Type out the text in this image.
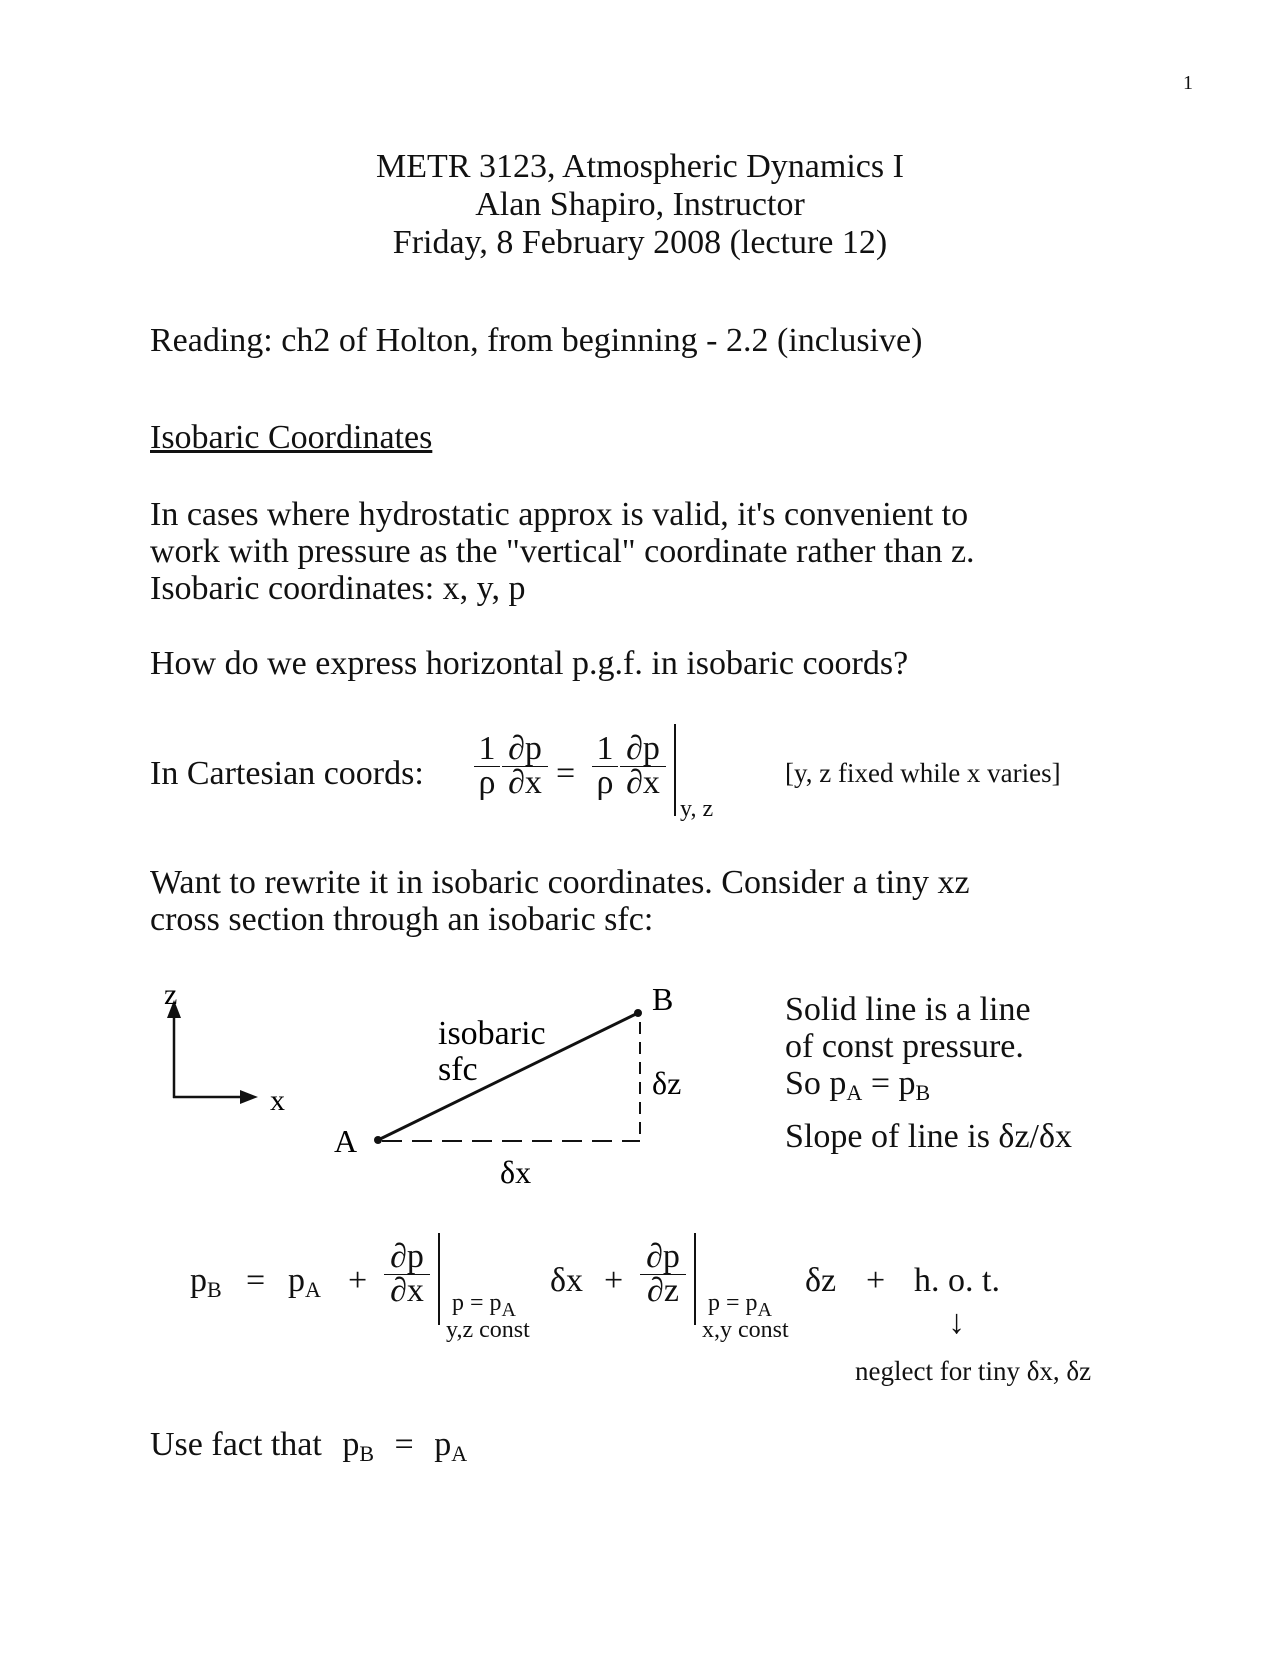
1
METR 3123, Atmospheric Dynamics I
Alan Shapiro, Instructor
Friday, 8 February 2008 (lecture 12)
Reading: ch2 of Holton, from beginning - 2.2 (inclusive)
Isobaric Coordinates
In cases where hydrostatic approx is valid, it's convenient to
work with pressure as the "vertical" coordinate rather than z.
Isobaric coordinates: x, y, p
How do we express horizontal p.g.f. in isobaric coords?
In Cartesian coords: $\frac{1}{\rho} \frac{\partial p}{\partial x} = \frac{1}{\rho} \frac{\partial p}{\partial x}$
y, z
[y, z fixed while x varies]
Want to rewrite it in isobaric coordinates. Consider a tiny xz
cross section through an isobaric sfc:
z
x
A
B
isobaric
sfc
δx
δz
Solid line is a line
of const pressure.
So $p_A = p_B$
Slope of line is δz/δx
$p_B = p_A + \frac{\partial p}{\partial x}$ $p = p_A$
y,z const
$\delta x + \frac{\partial p}{\partial z}$ $p = p_A$
x,y const
δz + h. o. t.
↓
neglect for tiny δx, δz
Use fact that $p_B = p_A$
